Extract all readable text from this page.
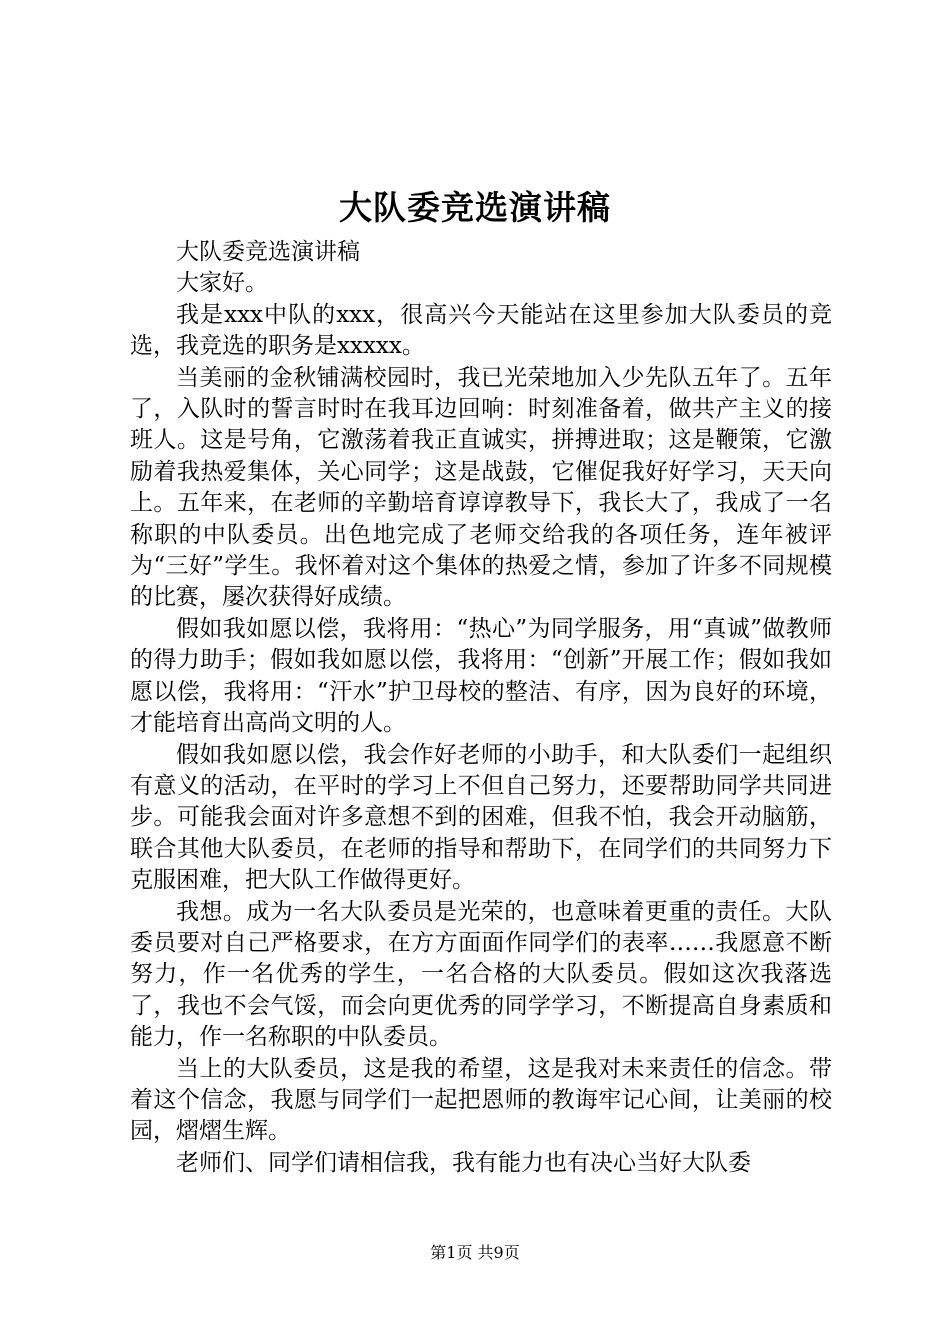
大队委竞选演讲稿

大队委竞选演讲稿

大家好。

我是xxx中队的xxx，很高兴今天能站在这里参加大队委员的竞选，我竞选的职务是xxxxx。

当美丽的金秋铺满校园时，我已光荣地加入少先队五年了。五年了，入队时的誓言时时在我耳边回响：时刻准备着，做共产主义的接班人。这是号角，它激荡着我正直诚实，拼搏进取；这是鞭策，它激励着我热爱集体，关心同学；这是战鼓，它催促我好好学习，天天向上。五年来，在老师的辛勤培育谆谆教导下，我长大了，我成了一名称职的中队委员。出色地完成了老师交给我的各项任务，连年被评为“三好”学生。我怀着对这个集体的热爱之情，参加了许多不同规模的比赛，屡次获得好成绩。

假如我如愿以偿，我将用：“热心”为同学服务，用“真诚”做教师的得力助手；假如我如愿以偿，我将用：“创新”开展工作；假如我如愿以偿，我将用：“汗水”护卫母校的整洁、有序，因为良好的环境，才能培育出高尚文明的人。

假如我如愿以偿，我会作好老师的小助手，和大队委们一起组织有意义的活动，在平时的学习上不但自己努力，还要帮助同学共同进步。可能我会面对许多意想不到的困难，但我不怕，我会开动脑筋，联合其他大队委员，在老师的指导和帮助下，在同学们的共同努力下克服困难，把大队工作做得更好。

我想。成为一名大队委员是光荣的，也意味着更重的责任。大队委员要对自己严格要求，在方方面面作同学们的表率……我愿意不断努力，作一名优秀的学生，一名合格的大队委员。假如这次我落选了，我也不会气馁，而会向更优秀的同学学习，不断提高自身素质和能力，作一名称职的中队委员。

当上的大队委员，这是我的希望，这是我对未来责任的信念。带着这个信念，我愿与同学们一起把恩师的教诲牢记心间，让美丽的校园，熠熠生辉。

老师们、同学们请相信我，我有能力也有决心当好大队委

第1页 共9页
